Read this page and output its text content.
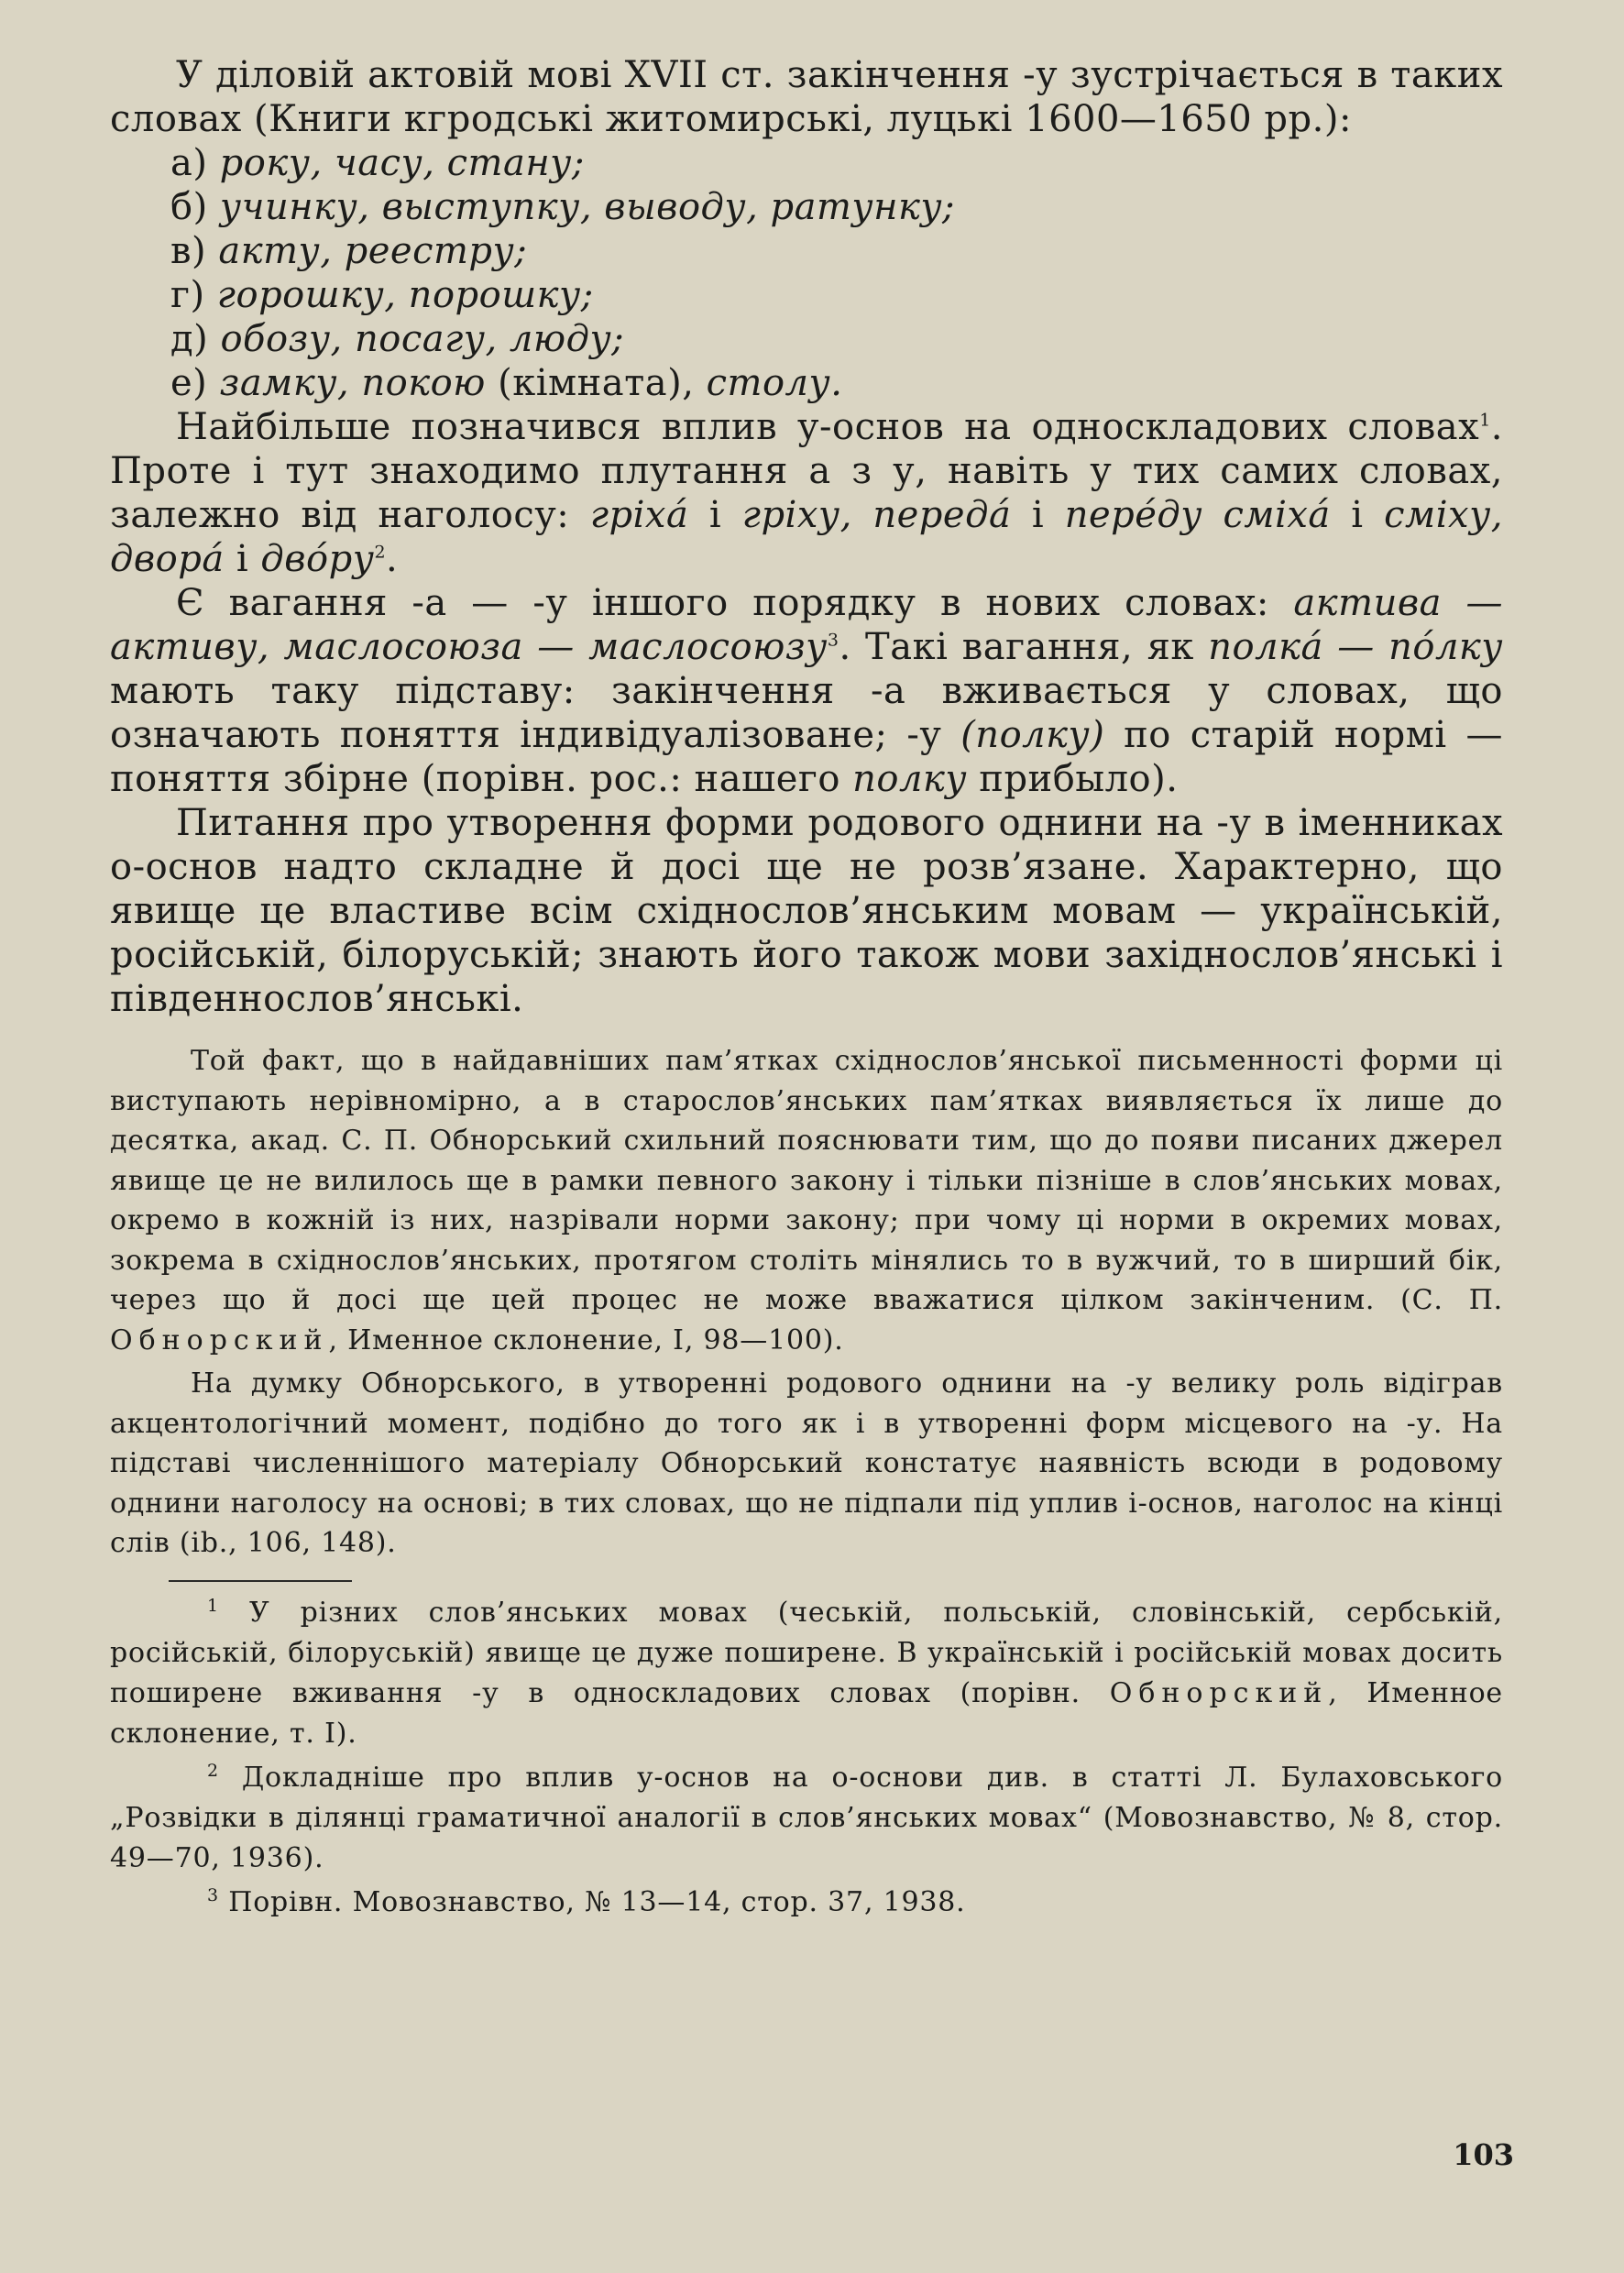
У діловій актовій мові XVII ст. закінчення -у зустрічається в таких словах (Книги кгродські житомирські, луцькі 1600—1650 рр.):

а) року, часу, стану;
б) учинку, выступку, выводу, ратунку;
в) акту, реестру;
г) горошку, порошку;
д) обозу, посагу, люду;
е) замку, покою (кімната), столу.

Найбільше позначився вплив у-основ на односкладових словах$^1$. Проте і тут знаходимо плутання а з у, навіть у тих самих словах, залежно від наголосу: гріхá і гріху, передá і перéду сміхá і сміху, дворá і двóру$^2$.

Є вагання -а — -у іншого порядку в нових словах: актива — активу, маслосоюза — маслосоюзу$^3$. Такі вагання, як полкá — пóлку мають таку підставу: закінчення -а вживається у словах, що означають поняття індивідуалізоване; -у (полку) по старій нормі — поняття збірне (порівн. рос.: нашего полку прибыло).

Питання про утворення форми родового однини на -у в іменниках о-основ надто складне й досі ще не розв’язане. Характерно, що явище це властиве всім східнослов’янським мовам — українській, російській, білоруській; знають його також мови західнослов’янські і південнослов’янські.

Той факт, що в найдавніших пам’ятках східнослов’янської письменності форми ці виступають нерівномірно, а в старослов’янських пам’ятках виявляється їх лише до десятка, акад. С. П. Обнорський схильний пояснювати тим, що до появи писаних джерел явище це не вилилось ще в рамки певного закону і тільки пізніше в слов’янських мовах, окремо в кожній із них, назрівали норми закону; при чому ці норми в окремих мовах, зокрема в східнослов’янських, протягом століть мінялись то в вужчий, то в ширший бік, через що й досі ще цей процес не може вважатися цілком закінченим. (С. П. Обнорский, Именное склонение, І, 98—100).

На думку Обнорського, в утворенні родового однини на -у велику роль відіграв акцентологічний момент, подібно до того як і в утворенні форм місцевого на -у. На підставі численнішого матеріалу Обнорський констатує наявність всюди в родовому однини наголосу на основі; в тих словах, що не підпали під уплив і-основ, наголос на кінці слів (ib., 106, 148).

$^1$ У різних слов’янських мовах (чеській, польській, словінській, сербській, російській, білоруській) явище це дуже поширене. В українській і російській мовах досить поширене вживання -у в односкладових словах (порівн. Обнорский, Именное склонение, т. І).

$^2$ Докладніше про вплив у-основ на о-основи див. в статті Л. Булаховського „Розвідки в ділянці граматичної аналогії в слов’янських мовах“ (Мовознавство, № 8, стор. 49—70, 1936).

$^3$ Порівн. Мовознавство, № 13—14, стор. 37, 1938.

103
